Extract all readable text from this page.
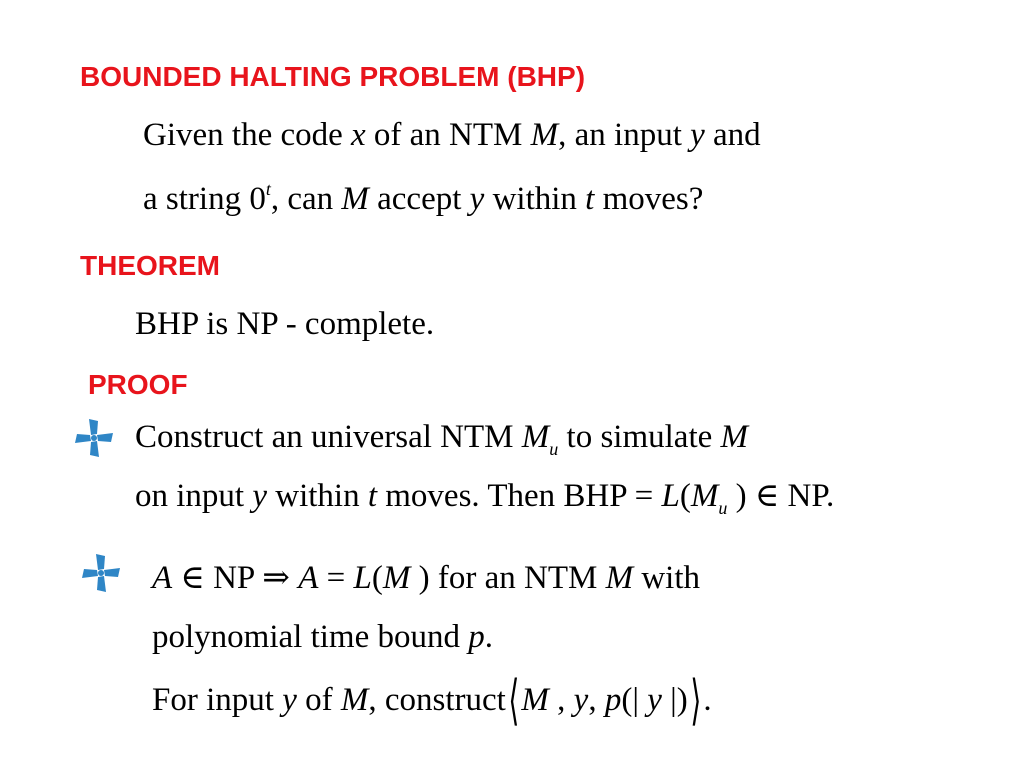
BOUNDED HALTING PROBLEM (BHP)
Given the code x of an NTM M, an input y and
a string 0$^t$, can M accept y within t moves?
THEOREM
BHP is NP - complete.
PROOF
Construct an universal NTM $M_u$ to simulate M
on input y within t moves. Then BHP = $L(M_u$ ) ∈ NP.
A ∈ NP ⇒ A = L(M ) for an NTM M with
polynomial time bound p.
For input y of M, construct⟨M , y, p(| y |)⟩.
